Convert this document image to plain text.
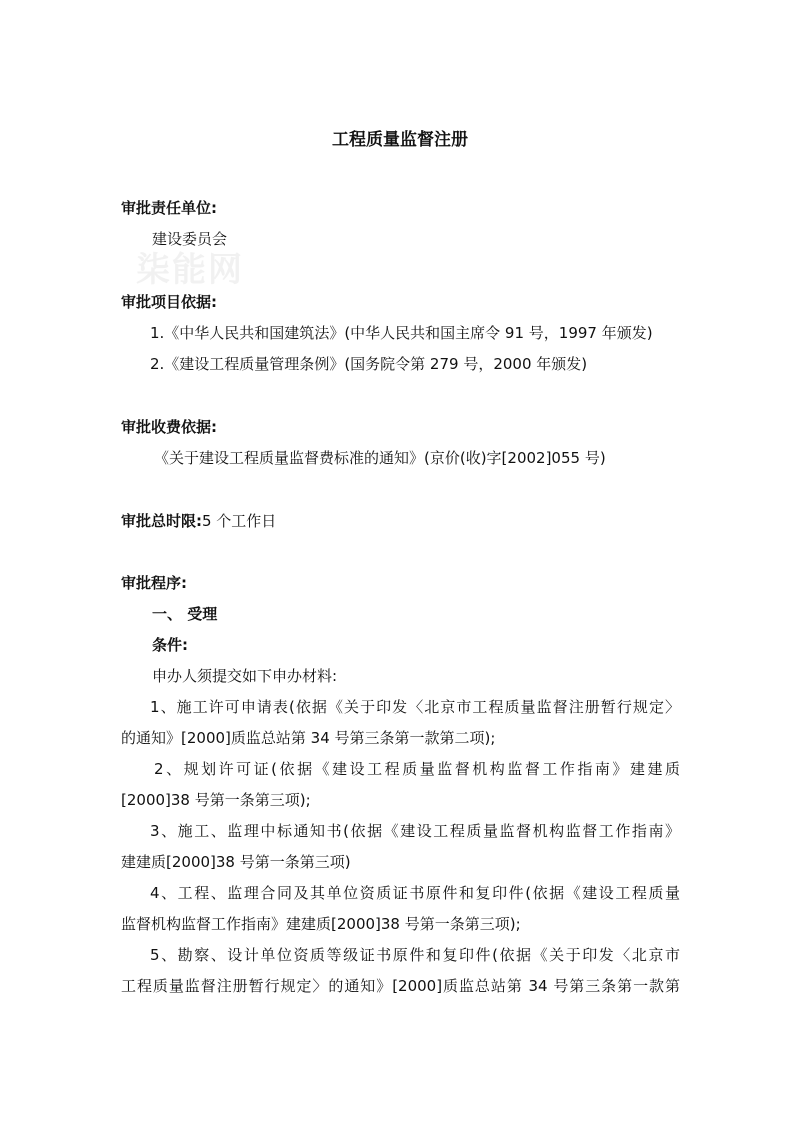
柒能网
工程质量监督注册
审批责任单位:
建设委员会
审批项目依据:
1.《中华人民共和国建筑法》(中华人民共和国主席令 91 号，1997 年颁发)
2.《建设工程质量管理条例》(国务院令第 279 号，2000 年颁发)
审批收费依据:
《关于建设工程质量监督费标准的通知》(京价(收)字[2002]055 号)
审批总时限:5 个工作日
审批程序:
一、 受理
条件:
申办人须提交如下申办材料:
1、施工许可申请表(依据《关于印发〈北京市工程质量监督注册暂行规定〉
的通知》[2000]质监总站第 34 号第三条第一款第二项);
2、规划许可证(依据《建设工程质量监督机构监督工作指南》建建质
[2000]38 号第一条第三项);
3、施工、监理中标通知书(依据《建设工程质量监督机构监督工作指南》
建建质[2000]38 号第一条第三项)
4、工程、监理合同及其单位资质证书原件和复印件(依据《建设工程质量
监督机构监督工作指南》建建质[2000]38 号第一条第三项);
5、勘察、设计单位资质等级证书原件和复印件(依据《关于印发〈北京市
工程质量监督注册暂行规定〉的通知》[2000]质监总站第 34 号第三条第一款第
